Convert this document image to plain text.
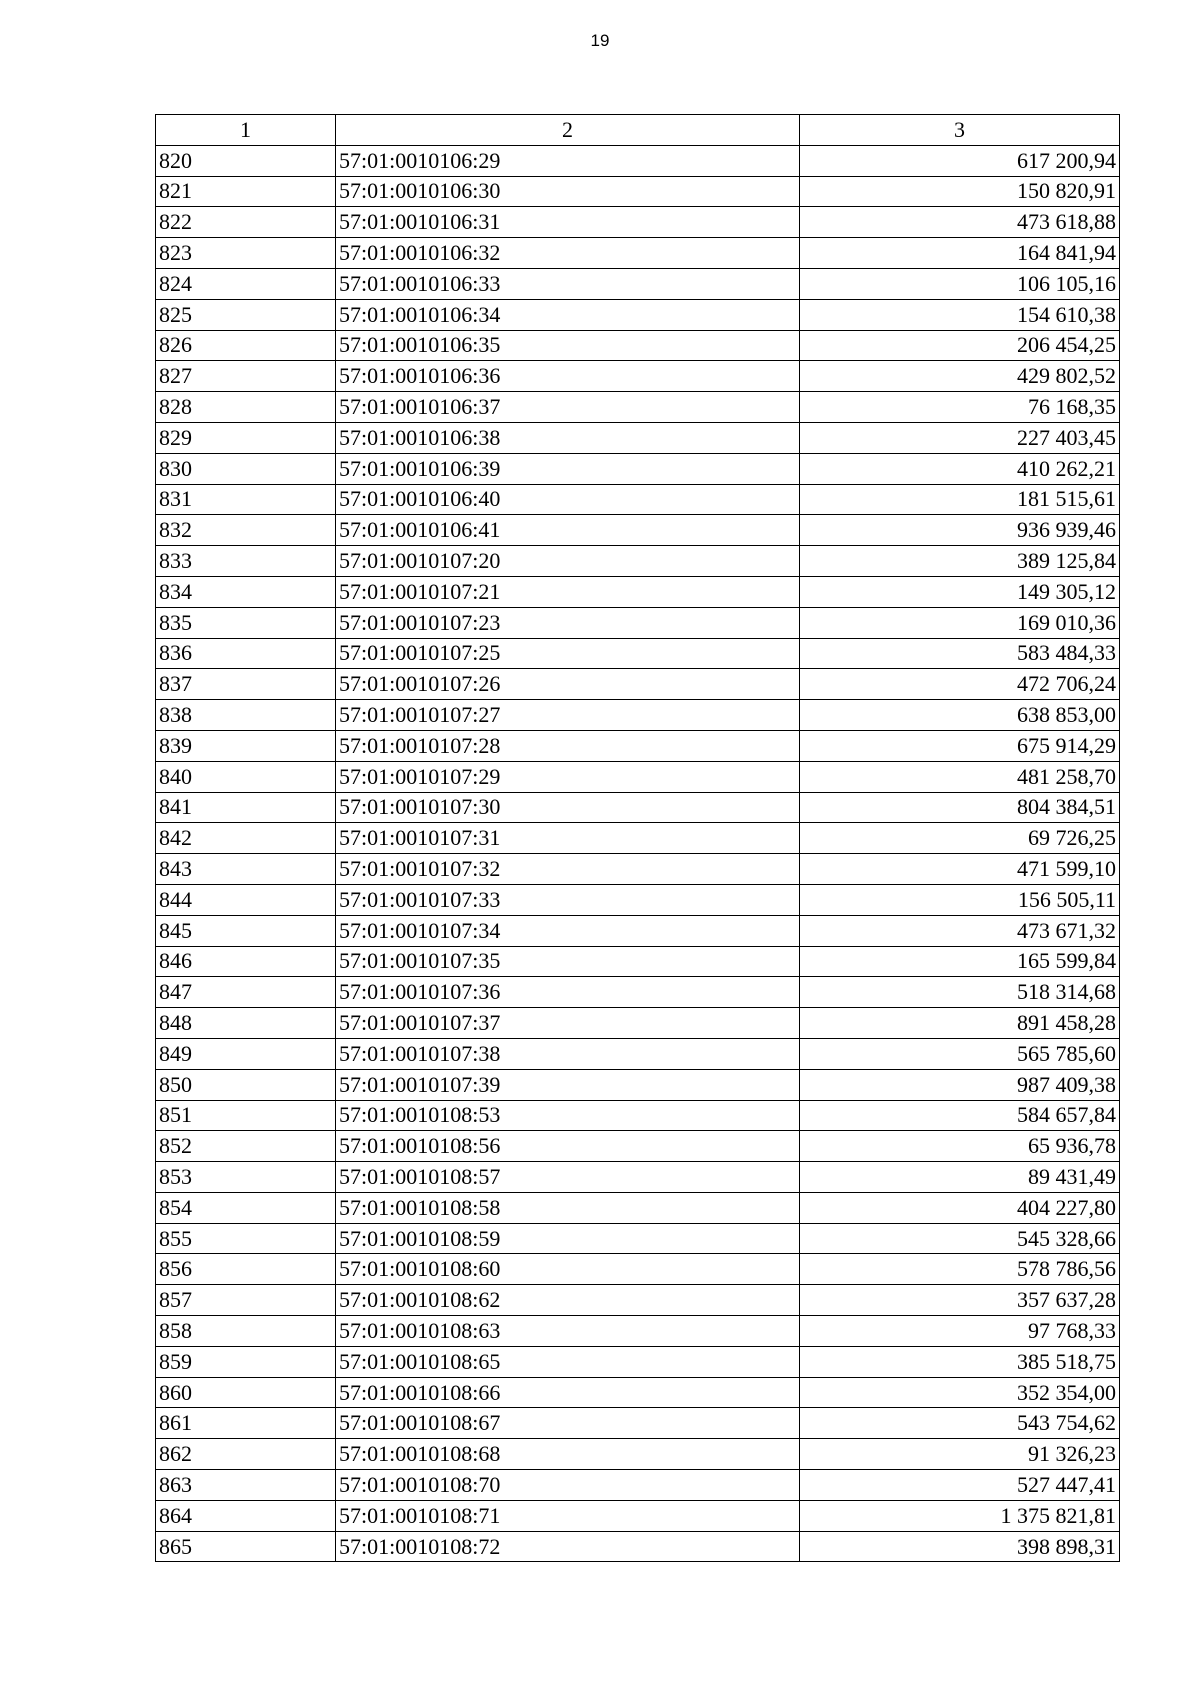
19
1	2	3
820	57:01:0010106:29	617 200,94
821	57:01:0010106:30	150 820,91
822	57:01:0010106:31	473 618,88
823	57:01:0010106:32	164 841,94
824	57:01:0010106:33	106 105,16
825	57:01:0010106:34	154 610,38
826	57:01:0010106:35	206 454,25
827	57:01:0010106:36	429 802,52
828	57:01:0010106:37	76 168,35
829	57:01:0010106:38	227 403,45
830	57:01:0010106:39	410 262,21
831	57:01:0010106:40	181 515,61
832	57:01:0010106:41	936 939,46
833	57:01:0010107:20	389 125,84
834	57:01:0010107:21	149 305,12
835	57:01:0010107:23	169 010,36
836	57:01:0010107:25	583 484,33
837	57:01:0010107:26	472 706,24
838	57:01:0010107:27	638 853,00
839	57:01:0010107:28	675 914,29
840	57:01:0010107:29	481 258,70
841	57:01:0010107:30	804 384,51
842	57:01:0010107:31	69 726,25
843	57:01:0010107:32	471 599,10
844	57:01:0010107:33	156 505,11
845	57:01:0010107:34	473 671,32
846	57:01:0010107:35	165 599,84
847	57:01:0010107:36	518 314,68
848	57:01:0010107:37	891 458,28
849	57:01:0010107:38	565 785,60
850	57:01:0010107:39	987 409,38
851	57:01:0010108:53	584 657,84
852	57:01:0010108:56	65 936,78
853	57:01:0010108:57	89 431,49
854	57:01:0010108:58	404 227,80
855	57:01:0010108:59	545 328,66
856	57:01:0010108:60	578 786,56
857	57:01:0010108:62	357 637,28
858	57:01:0010108:63	97 768,33
859	57:01:0010108:65	385 518,75
860	57:01:0010108:66	352 354,00
861	57:01:0010108:67	543 754,62
862	57:01:0010108:68	91 326,23
863	57:01:0010108:70	527 447,41
864	57:01:0010108:71	1 375 821,81
865	57:01:0010108:72	398 898,31
